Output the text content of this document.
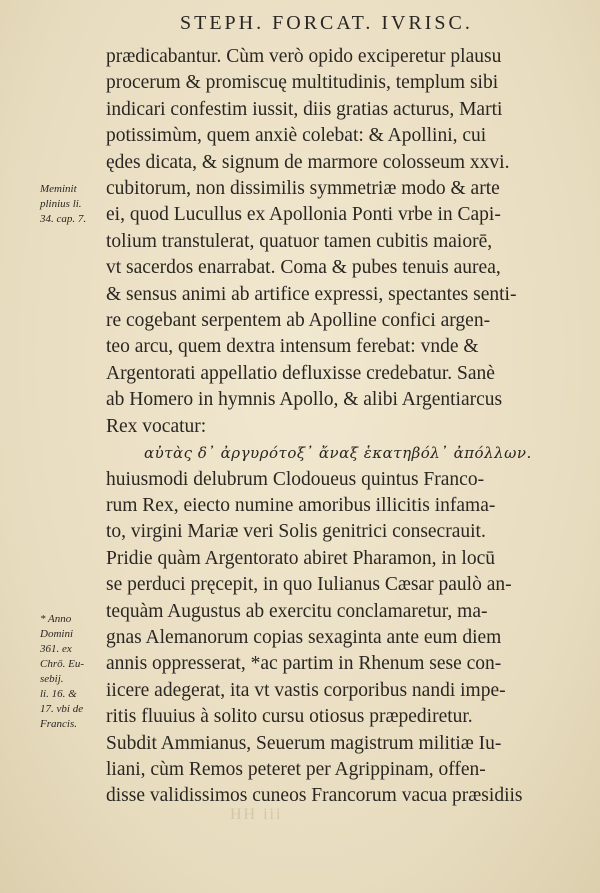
STEPH. FORCAT. IVRISC.
Meminit
plinius li.
34. cap. 7.
* Anno
Domini
361. ex
Chrō. Eu-
sebij.
li. 16. &
17. vbi de
Francis.
prædicabantur. Cùm verò opido exciperetur plausu
procerum & promiscuę multitudinis, templum sibi
indicari confestim iussit, diis gratias acturus, Marti
potissimùm, quem anxiè colebat: & Apollini, cui
ędes dicata, & signum de marmore colosseum xxvi.
cubitorum, non dissimilis symmetriæ modo & arte
ei, quod Lucullus ex Apollonia Ponti vrbe in Capi-
tolium transtulerat, quatuor tamen cubitis maiorē,
vt sacerdos enarrabat. Coma & pubes tenuis aurea,
& sensus animi ab artifice expressi, spectantes senti-
re cogebant serpentem ab Apolline confici argen-
teo arcu, quem dextra intensum ferebat: vnde &
Argentorati appellatio defluxisse credebatur. Sanè
ab Homero in hymnis Apollo, & alibi Argentiarcus
Rex vocatur:
αὐτὰς δ᾽ ἀργυρότοξ᾽ ἄναξ ἑκατηβόλ᾽ ἀπόλλων.
huiusmodi delubrum Clodoueus quintus Franco-
rum Rex, eiecto numine amoribus illicitis infama-
to, virgini Mariæ veri Solis genitrici consecrauit.
Pridie quàm Argentorato abiret Pharamon, in locū
se perduci pręcepit, in quo Iulianus Cæsar paulò an-
tequàm Augustus ab exercitu conclamaretur, ma-
gnas Alemanorum copias sexaginta ante eum diem
annis oppresserat, *ac partim in Rhenum sese con-
iicere adegerat, ita vt vastis corporibus nandi impe-
ritis fluuius à solito cursu otiosus præpediretur.
Subdit Ammianus, Seuerum magistrum militiæ Iu-
liani, cùm Remos peteret per Agrippinam, offen-
disse validissimos cuneos Francorum vacua præsidiis
HH iii
